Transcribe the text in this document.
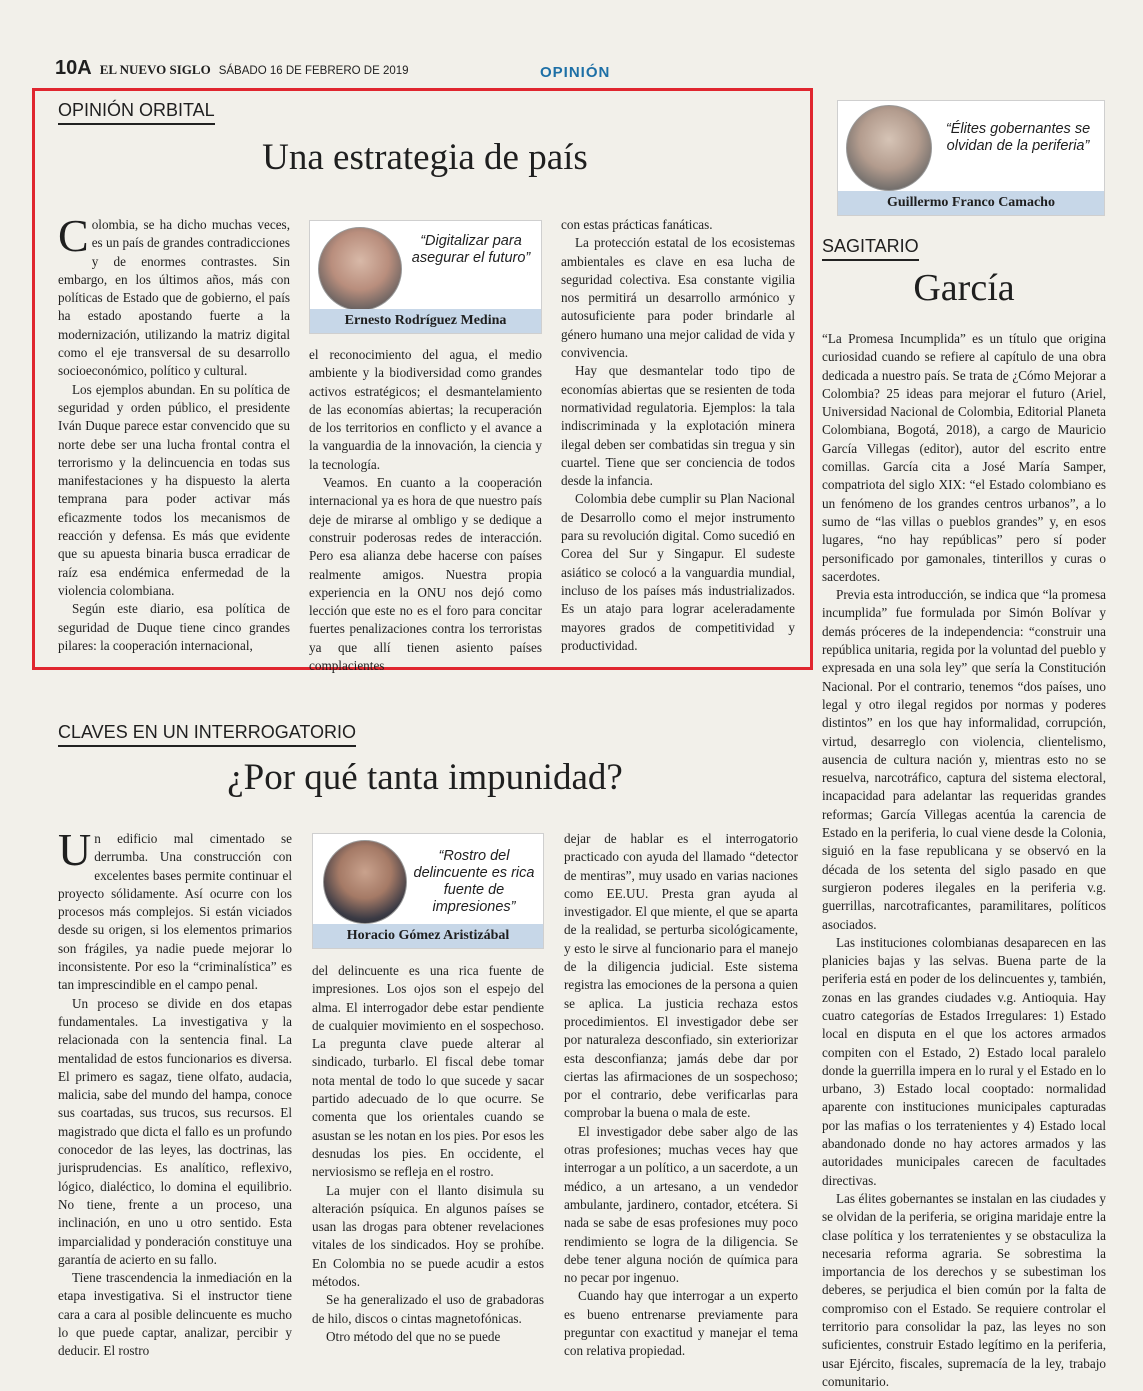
10A EL NUEVO SIGLO SÁBADO 16 DE FEBRERO DE 2019	OPINIÓN
OPINIÓN ORBITAL
Una estrategia de país

Colombia, se ha dicho muchas veces, es un país de grandes contradicciones y de enormes contrastes. Sin embargo, en los últimos años, más con políticas de Estado que de gobierno, el país ha estado apostando fuerte a la modernización, utilizando la matriz digital como el eje transversal de su desarrollo socioeconómico, político y cultural.

Los ejemplos abundan. En su política de seguridad y orden público, el presidente Iván Duque parece estar convencido que su norte debe ser una lucha frontal contra el terrorismo y la delincuencia en todas sus manifestaciones y ha dispuesto la alerta temprana para poder activar más eficazmente todos los mecanismos de reacción y defensa. Es más que evidente que su apuesta binaria busca erradicar de raíz esa endémica enfermedad de la violencia colombiana.

Según este diario, esa política de seguridad de Duque tiene cinco grandes pilares: la cooperación internacional,

“Digitalizar para asegurar el futuro”
Ernesto Rodríguez Medina

el reconocimiento del agua, el medio ambiente y la biodiversidad como grandes activos estratégicos; el desmantelamiento de las economías abiertas; la recuperación de los territorios en conflicto y el avance a la vanguardia de la innovación, la ciencia y la tecnología.

Veamos. En cuanto a la cooperación internacional ya es hora de que nuestro país deje de mirarse al ombligo y se dedique a construir poderosas redes de interacción. Pero esa alianza debe hacerse con países realmente amigos. Nuestra propia experiencia en la ONU nos dejó como lección que este no es el foro para concitar fuertes penalizaciones contra los terroristas ya que allí tienen asiento países complacientes

con estas prácticas fanáticas.

La protección estatal de los ecosistemas ambientales es clave en esa lucha de seguridad colectiva. Esa constante vigilia nos permitirá un desarrollo armónico y autosuficiente para poder brindarle al género humano una mejor calidad de vida y convivencia.

Hay que desmantelar todo tipo de economías abiertas que se resienten de toda normatividad regulatoria. Ejemplos: la tala indiscriminada y la explotación minera ilegal deben ser combatidas sin tregua y sin cuartel. Tiene que ser conciencia de todos desde la infancia.

Colombia debe cumplir su Plan Nacional de Desarrollo como el mejor instrumento para su revolución digital. Como sucedió en Corea del Sur y Singapur. El sudeste asiático se colocó a la vanguardia mundial, incluso de los países más industrializados. Es un atajo para lograr aceleradamente mayores grados de competitividad y productividad.

CLAVES EN UN INTERROGATORIO
¿Por qué tanta impunidad?

Un edificio mal cimentado se derrumba. Una construcción con excelentes bases permite continuar el proyecto sólidamente. Así ocurre con los procesos más complejos. Si están viciados desde su origen, si los elementos primarios son frágiles, ya nadie puede mejorar lo inconsistente. Por eso la “criminalística” es tan imprescindible en el campo penal.

Un proceso se divide en dos etapas fundamentales. La investigativa y la relacionada con la sentencia final. La mentalidad de estos funcionarios es diversa. El primero es sagaz, tiene olfato, audacia, malicia, sabe del mundo del hampa, conoce sus coartadas, sus trucos, sus recursos. El magistrado que dicta el fallo es un profundo conocedor de las leyes, las doctrinas, las jurisprudencias. Es analítico, reflexivo, lógico, dialéctico, lo domina el equilibrio. No tiene, frente a un proceso, una inclinación, en uno u otro sentido. Esta imparcialidad y ponderación constituye una garantía de acierto en su fallo.

Tiene trascendencia la inmediación en la etapa investigativa. Si el instructor tiene cara a cara al posible delincuente es mucho lo que puede captar, analizar, percibir y deducir. El rostro

“Rostro del delincuente es rica fuente de impresiones”
Horacio Gómez Aristizábal

del delincuente es una rica fuente de impresiones. Los ojos son el espejo del alma. El interrogador debe estar pendiente de cualquier movimiento en el sospechoso. La pregunta clave puede alterar al sindicado, turbarlo. El fiscal debe tomar nota mental de todo lo que sucede y sacar partido adecuado de lo que ocurre. Se comenta que los orientales cuando se asustan se les notan en los pies. Por esos les desnudas los pies. En occidente, el nerviosismo se refleja en el rostro.

La mujer con el llanto disimula su alteración psíquica. En algunos países se usan las drogas para obtener revelaciones vitales de los sindicados. Hoy se prohíbe. En Colombia no se puede acudir a estos métodos.

Se ha generalizado el uso de grabadoras de hilo, discos o cintas magnetofónicas.

Otro método del que no se puede

dejar de hablar es el interrogatorio practicado con ayuda del llamado “detector de mentiras”, muy usado en varias naciones como EE.UU. Presta gran ayuda al investigador. El que miente, el que se aparta de la realidad, se perturba sicológicamente, y esto le sirve al funcionario para el manejo de la diligencia judicial. Este sistema registra las emociones de la persona a quien se aplica. La justicia rechaza estos procedimientos. El investigador debe ser por naturaleza desconfiado, sin exteriorizar esta desconfianza; jamás debe dar por ciertas las afirmaciones de un sospechoso; por el contrario, debe verificarlas para comprobar la buena o mala de este.

El investigador debe saber algo de las otras profesiones; muchas veces hay que interrogar a un político, a un sacerdote, a un médico, a un artesano, a un vendedor ambulante, jardinero, contador, etcétera. Si nada se sabe de esas profesiones muy poco rendimiento se logra de la diligencia. Se debe tener alguna noción de química para no pecar por ingenuo.

Cuando hay que interrogar a un experto es bueno entrenarse previamente para preguntar con exactitud y manejar el tema con relativa propiedad.

“Élites gobernantes se olvidan de la periferia”
Guillermo Franco Camacho
SAGITARIO
García

“La Promesa Incumplida” es un título que origina curiosidad cuando se refiere al capítulo de una obra dedicada a nuestro país. Se trata de ¿Cómo Mejorar a Colombia? 25 ideas para mejorar el futuro (Ariel, Universidad Nacional de Colombia, Editorial Planeta Colombiana, Bogotá, 2018), a cargo de Mauricio García Villegas (editor), autor del escrito entre comillas. García cita a José María Samper, compatriota del siglo XIX: “el Estado colombiano es un fenómeno de los grandes centros urbanos”, a lo sumo de “las villas o pueblos grandes” y, en esos lugares, “no hay repúblicas” pero sí poder personificado por gamonales, tinterillos y curas o sacerdotes.

Previa esta introducción, se indica que “la promesa incumplida” fue formulada por Simón Bolívar y demás próceres de la independencia: “construir una república unitaria, regida por la voluntad del pueblo y expresada en una sola ley” que sería la Constitución Nacional. Por el contrario, tenemos “dos países, uno legal y otro ilegal regidos por normas y poderes distintos” en los que hay informalidad, corrupción, virtud, desarreglo con violencia, clientelismo, ausencia de cultura nación y, mientras esto no se resuelva, narcotráfico, captura del sistema electoral, incapacidad para adelantar las requeridas grandes reformas; García Villegas acentúa la carencia de Estado en la periferia, lo cual viene desde la Colonia, siguió en la fase republicana y se observó en la década de los setenta del siglo pasado en que surgieron poderes ilegales en la periferia v.g. guerrillas, narcotraficantes, paramilitares, políticos asociados.

Las instituciones colombianas desaparecen en las planicies bajas y las selvas. Buena parte de la periferia está en poder de los delincuentes y, también, zonas en las grandes ciudades v.g. Antioquia. Hay cuatro categorías de Estados Irregulares: 1) Estado local en disputa en el que los actores armados compiten con el Estado, 2) Estado local paralelo donde la guerrilla impera en lo rural y el Estado en lo urbano, 3) Estado local cooptado: normalidad aparente con instituciones municipales capturadas por las mafias o los terratenientes y 4) Estado local abandonado donde no hay actores armados y las autoridades municipales carecen de facultades directivas.

Las élites gobernantes se instalan en las ciudades y se olvidan de la periferia, se origina maridaje entre la clase política y los terratenientes y se obstaculiza la necesaria reforma agraria. Se sobrestima la importancia de los derechos y se subestiman los deberes, se perjudica el bien común por la falta de compromiso con el Estado. Se requiere controlar el territorio para consolidar la paz, las leyes no son suficientes, construir Estado legítimo en la periferia, usar Ejército, fiscales, supremacía de la ley, trabajo comunitario.
